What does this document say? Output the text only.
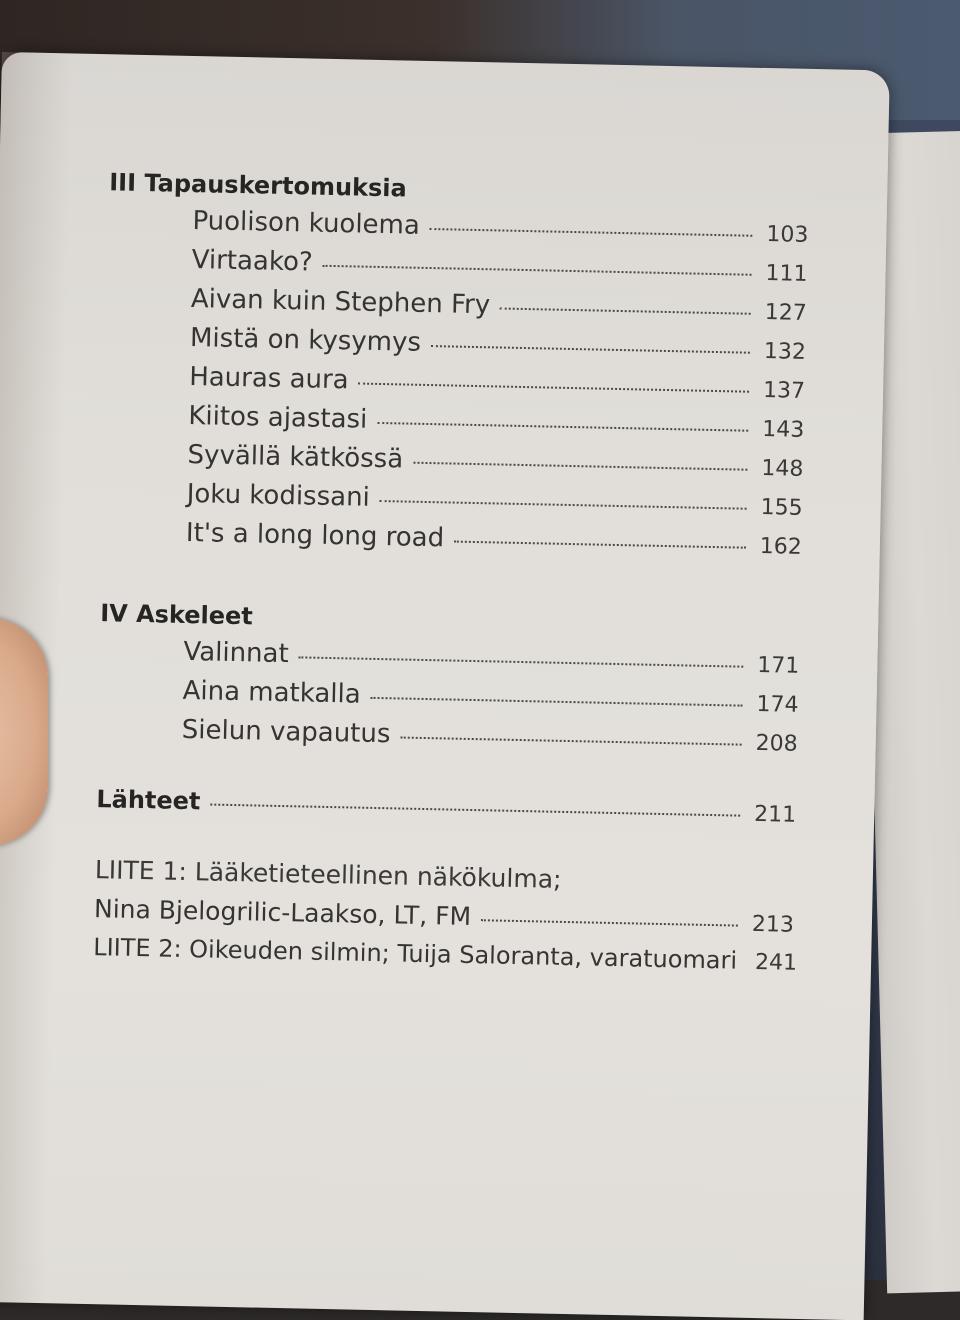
III Tapauskertomuksia
Puolison kuolema	103
Virtaako?	111
Aivan kuin Stephen Fry	127
Mistä on kysymys	132
Hauras aura	137
Kiitos ajastasi	143
Syvällä kätkössä	148
Joku kodissani	155
It's a long long road	162
IV Askeleet
Valinnat	171
Aina matkalla	174
Sielun vapautus	208
Lähteet	211
LIITE 1: Lääketieteellinen näkökulma;
Nina Bjelogrilic-Laakso, LT, FM	213
LIITE 2: Oikeuden silmin; Tuija Saloranta, varatuomari 241
